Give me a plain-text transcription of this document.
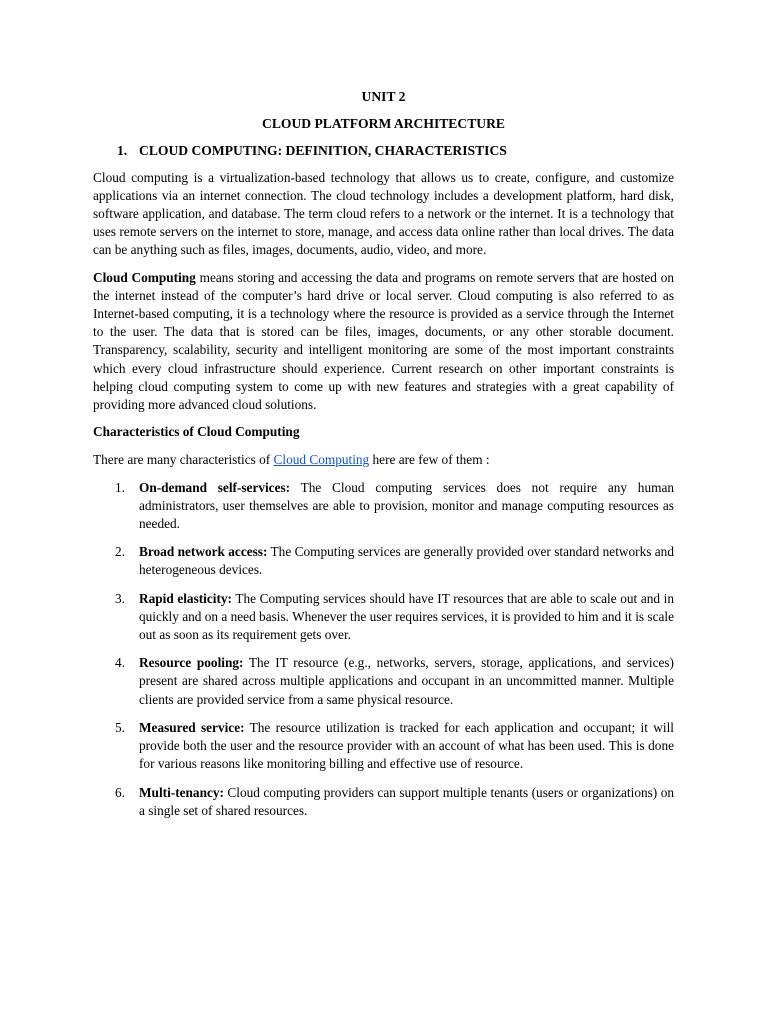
UNIT 2
CLOUD PLATFORM ARCHITECTURE
1. CLOUD COMPUTING: DEFINITION, CHARACTERISTICS

Cloud computing is a virtualization-based technology that allows us to create, configure, and customize applications via an internet connection. The cloud technology includes a development platform, hard disk, software application, and database. The term cloud refers to a network or the internet. It is a technology that uses remote servers on the internet to store, manage, and access data online rather than local drives. The data can be anything such as files, images, documents, audio, video, and more.

Cloud Computing means storing and accessing the data and programs on remote servers that are hosted on the internet instead of the computer’s hard drive or local server. Cloud computing is also referred to as Internet-based computing, it is a technology where the resource is provided as a service through the Internet to the user. The data that is stored can be files, images, documents, or any other storable document. Transparency, scalability, security and intelligent monitoring are some of the most important constraints which every cloud infrastructure should experience. Current research on other important constraints is helping cloud computing system to come up with new features and strategies with a great capability of providing more advanced cloud solutions.

Characteristics of Cloud Computing

There are many characteristics of Cloud Computing here are few of them :

1.	On-demand self-services: The Cloud computing services does not require any human administrators, user themselves are able to provision, monitor and manage computing resources as needed.
2.	Broad network access: The Computing services are generally provided over standard networks and heterogeneous devices.
3.	Rapid elasticity: The Computing services should have IT resources that are able to scale out and in quickly and on a need basis. Whenever the user requires services, it is provided to him and it is scale out as soon as its requirement gets over.
4.	Resource pooling: The IT resource (e.g., networks, servers, storage, applications, and services) present are shared across multiple applications and occupant in an uncommitted manner. Multiple clients are provided service from a same physical resource.
5.	Measured service: The resource utilization is tracked for each application and occupant; it will provide both the user and the resource provider with an account of what has been used. This is done for various reasons like monitoring billing and effective use of resource.
6.	Multi-tenancy: Cloud computing providers can support multiple tenants (users or organizations) on a single set of shared resources.
